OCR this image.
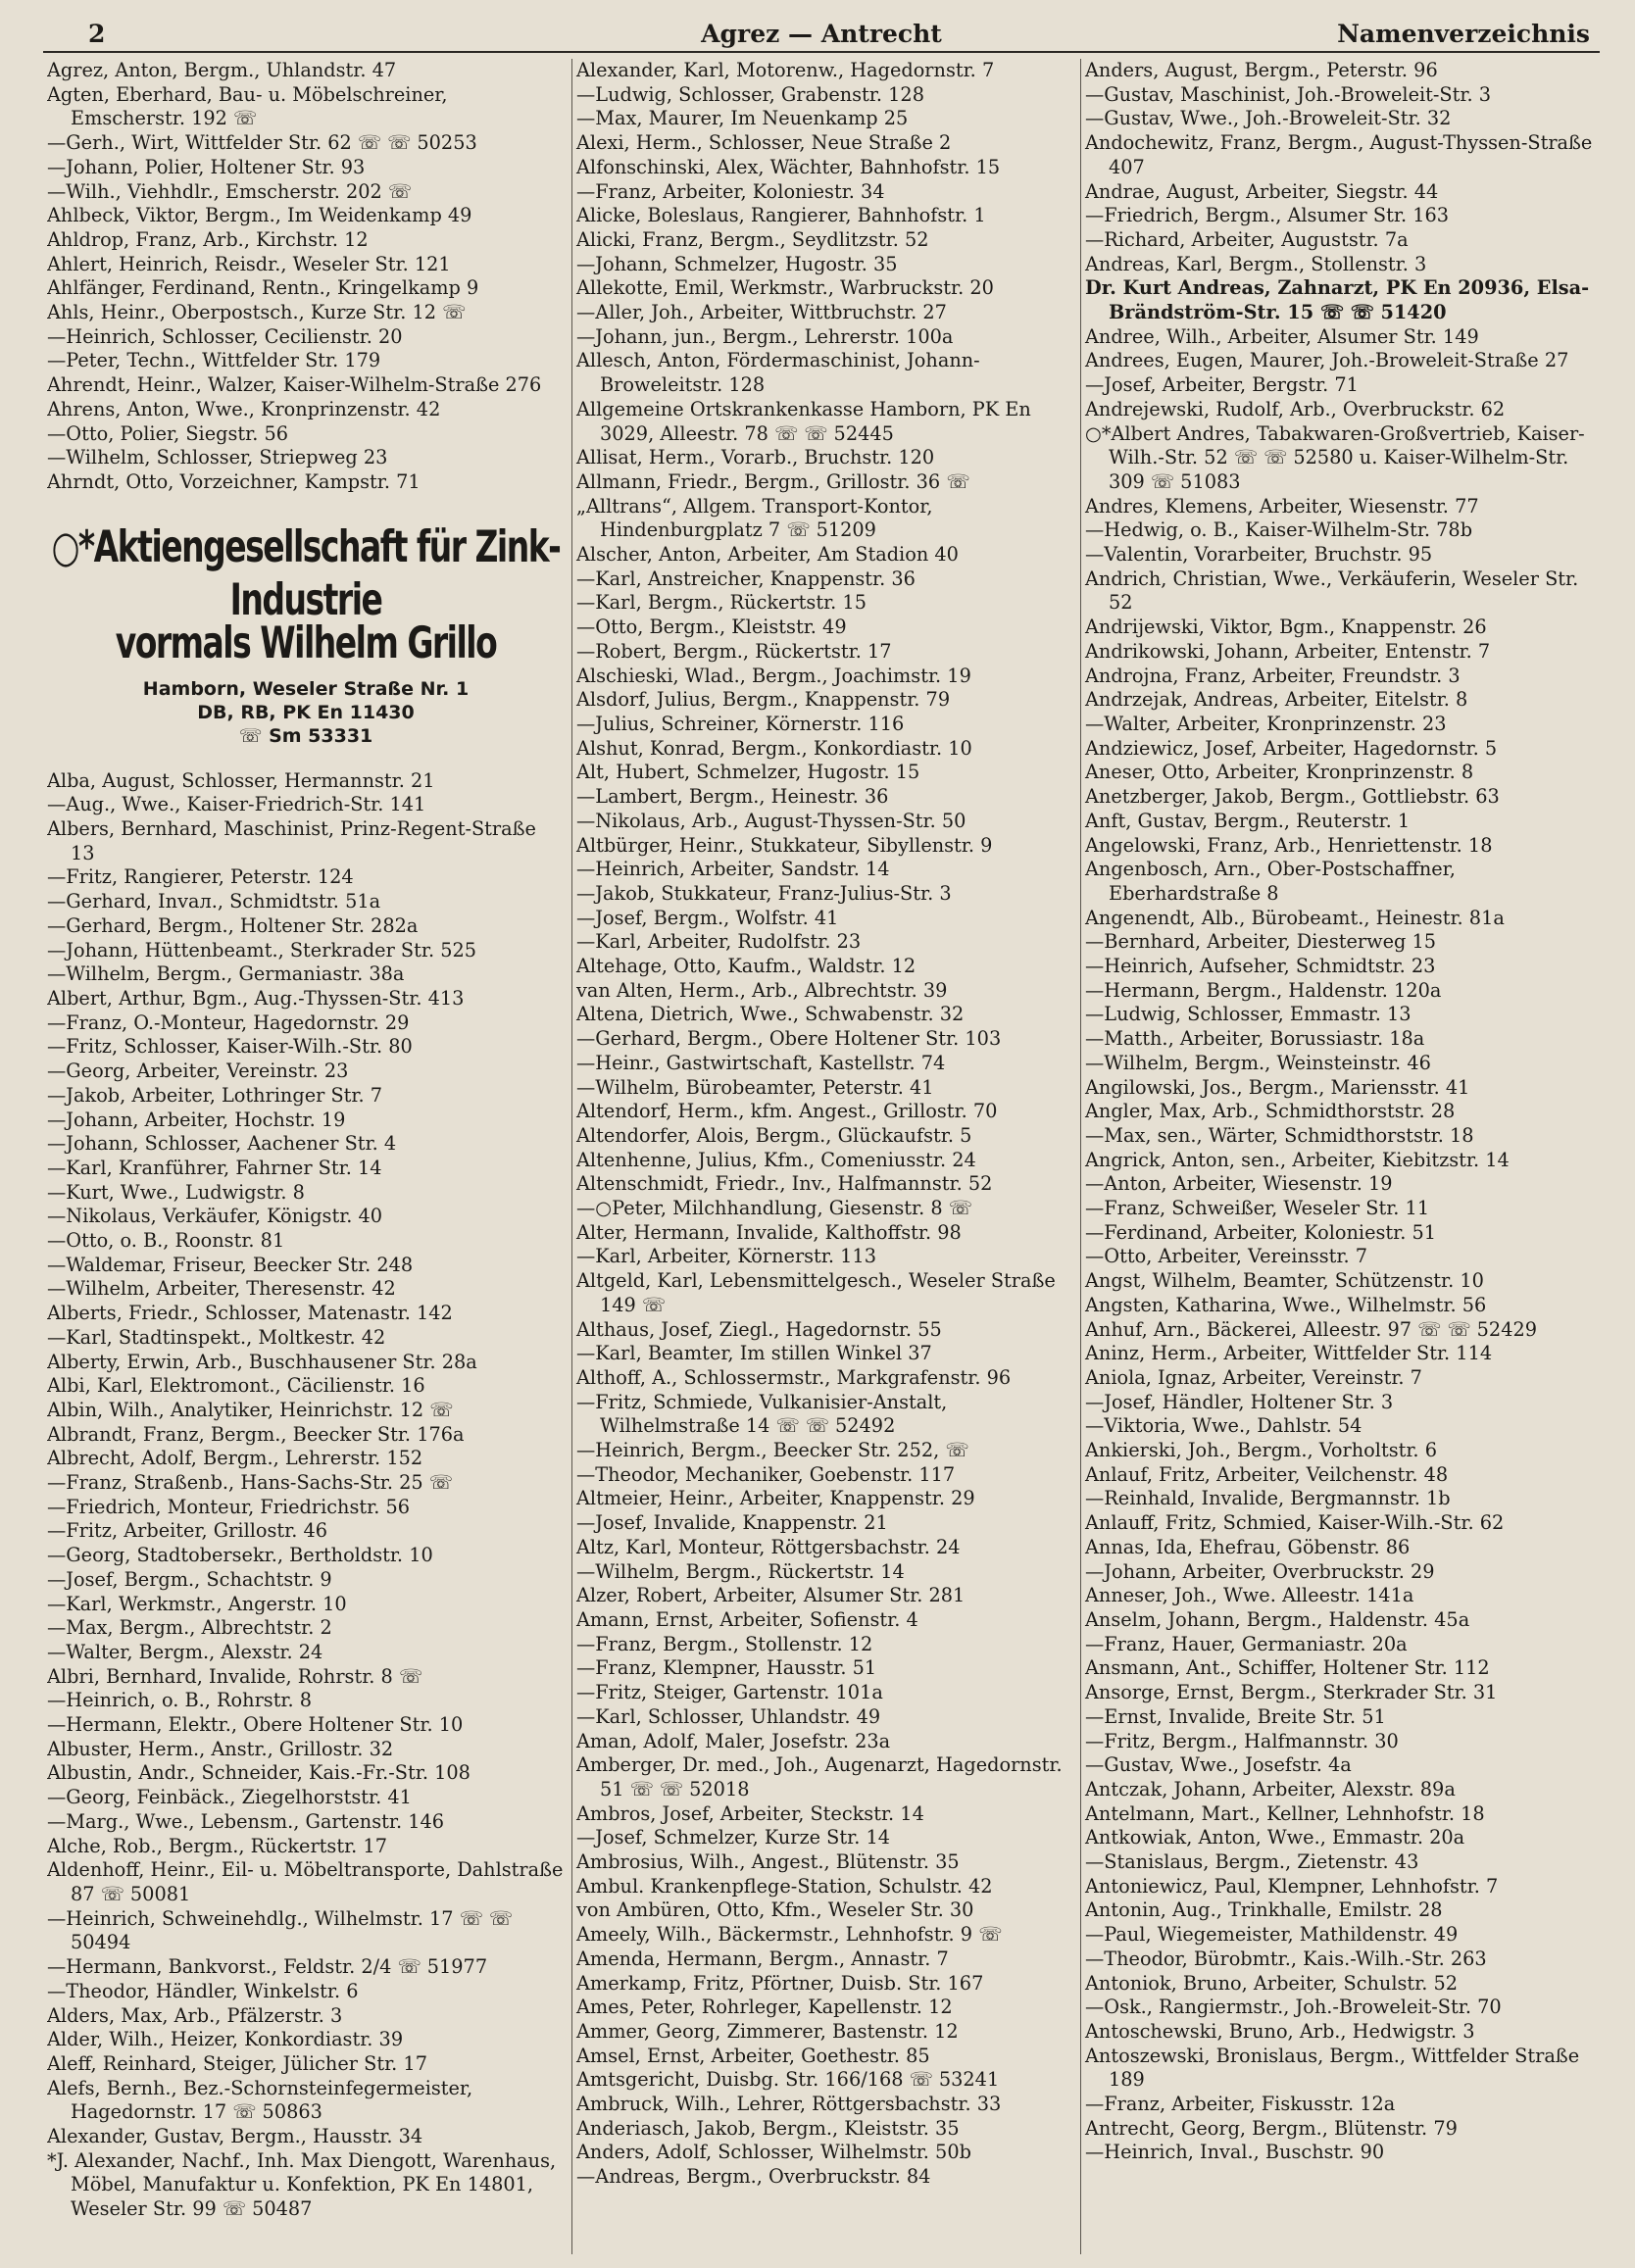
2	Agrez — Antrecht	Namenverzeichnis
Agrez, Anton, Bergm., Uhlandstr. 47
Agten, Eberhard, Bau- u. Möbelschreiner, Emscherstr. 192 ☏
—Gerh., Wirt, Wittfelder Str. 62 ☏ ☏ 50253
—Johann, Polier, Holtener Str. 93
—Wilh., Viehhdlr., Emscherstr. 202 ☏
Ahlbeck, Viktor, Bergm., Im Weidenkamp 49
Ahldrop, Franz, Arb., Kirchstr. 12
Ahlert, Heinrich, Reisdr., Weseler Str. 121
Ahlfänger, Ferdinand, Rentn., Kringelkamp 9
Ahls, Heinr., Oberpostsch., Kurze Str. 12 ☏
—Heinrich, Schlosser, Cecilienstr. 20
—Peter, Techn., Wittfelder Str. 179
Ahrendt, Heinr., Walzer, Kaiser-Wilhelm-Straße 276
Ahrens, Anton, Wwe., Kronprinzenstr. 42
—Otto, Polier, Siegstr. 56
—Wilhelm, Schlosser, Striepweg 23
Ahrndt, Otto, Vorzeichner, Kampstr. 71
○*Aktiengesellschaft für Zink-Industrie
vormals Wilhelm Grillo
Hamborn, Weseler Straße Nr. 1
DB, RB, PK En 11430
☏ Sm 53331
Alba, August, Schlosser, Hermannstr. 21
—Aug., Wwe., Kaiser-Friedrich-Str. 141
Albers, Bernhard, Maschinist, Prinz-Regent-Straße 13
—Fritz, Rangierer, Peterstr. 124
—Gerhard, Invaл., Schmidtstr. 51a
—Gerhard, Bergm., Holtener Str. 282a
—Johann, Hüttenbeamt., Sterkrader Str. 525
—Wilhelm, Bergm., Germaniastr. 38a
Albert, Arthur, Bgm., Aug.-Thyssen-Str. 413
—Franz, O.-Monteur, Hagedornstr. 29
—Fritz, Schlosser, Kaiser-Wilh.-Str. 80
—Georg, Arbeiter, Vereinstr. 23
—Jakob, Arbeiter, Lothringer Str. 7
—Johann, Arbeiter, Hochstr. 19
—Johann, Schlosser, Aachener Str. 4
—Karl, Kranführer, Fahrner Str. 14
—Kurt, Wwe., Ludwigstr. 8
—Nikolaus, Verkäufer, Königstr. 40
—Otto, o. B., Roonstr. 81
—Waldemar, Friseur, Beecker Str. 248
—Wilhelm, Arbeiter, Theresenstr. 42
Alberts, Friedr., Schlosser, Matenastr. 142
—Karl, Stadtinspekt., Moltkestr. 42
Alberty, Erwin, Arb., Buschhausener Str. 28a
Albi, Karl, Elektromont., Cäcilienstr. 16
Albin, Wilh., Analytiker, Heinrichstr. 12 ☏
Albrandt, Franz, Bergm., Beecker Str. 176a
Albrecht, Adolf, Bergm., Lehrerstr. 152
—Franz, Straßenb., Hans-Sachs-Str. 25 ☏
—Friedrich, Monteur, Friedrichstr. 56
—Fritz, Arbeiter, Grillostr. 46
—Georg, Stadtobersekr., Bertholdstr. 10
—Josef, Bergm., Schachtstr. 9
—Karl, Werkmstr., Angerstr. 10
—Max, Bergm., Albrechtstr. 2
—Walter, Bergm., Alexstr. 24
Albri, Bernhard, Invalide, Rohrstr. 8 ☏
—Heinrich, o. B., Rohrstr. 8
—Hermann, Elektr., Obere Holtener Str. 10
Albuster, Herm., Anstr., Grillostr. 32
Albustin, Andr., Schneider, Kais.-Fr.-Str. 108
—Georg, Feinbäck., Ziegelhorststr. 41
—Marg., Wwe., Lebensm., Gartenstr. 146
Alche, Rob., Bergm., Rückertstr. 17
Aldenhoff, Heinr., Eil- u. Möbeltransporte, Dahlstraße 87 ☏ 50081
—Heinrich, Schweinehdlg., Wilhelmstr. 17 ☏ ☏ 50494
—Hermann, Bankvorst., Feldstr. 2/4 ☏ 51977
—Theodor, Händler, Winkelstr. 6
Alders, Max, Arb., Pfälzerstr. 3
Alder, Wilh., Heizer, Konkordiastr. 39
Aleff, Reinhard, Steiger, Jülicher Str. 17
Alefs, Bernh., Bez.-Schornsteinfegermeister, Hagedornstr. 17 ☏ 50863
Alexander, Gustav, Bergm., Hausstr. 34
*J. Alexander, Nachf., Inh. Max Diengott, Warenhaus, Möbel, Manufaktur u. Konfektion, PK En 14801, Weseler Str. 99 ☏ 50487
Alexander, Karl, Motorenw., Hagedornstr. 7
—Ludwig, Schlosser, Grabenstr. 128
—Max, Maurer, Im Neuenkamp 25
Alexi, Herm., Schlosser, Neue Straße 2
Alfonschinski, Alex, Wächter, Bahnhofstr. 15
—Franz, Arbeiter, Koloniestr. 34
Alicke, Boleslaus, Rangierer, Bahnhofstr. 1
Alicki, Franz, Bergm., Seydlitzstr. 52
—Johann, Schmelzer, Hugostr. 35
Allekotte, Emil, Werkmstr., Warbruckstr. 20
—Aller, Joh., Arbeiter, Wittbruchstr. 27
—Johann, jun., Bergm., Lehrerstr. 100a
Allesch, Anton, Fördermaschinist, Johann-Broweleitstr. 128
Allgemeine Ortskrankenkasse Hamborn, PK En 3029, Alleestr. 78 ☏ ☏ 52445
Allisat, Herm., Vorarb., Bruchstr. 120
Allmann, Friedr., Bergm., Grillostr. 36 ☏
„Alltrans“, Allgem. Transport-Kontor, Hindenburgplatz 7 ☏ 51209
Alscher, Anton, Arbeiter, Am Stadion 40
—Karl, Anstreicher, Knappenstr. 36
—Karl, Bergm., Rückertstr. 15
—Otto, Bergm., Kleiststr. 49
—Robert, Bergm., Rückertstr. 17
Alschieski, Wlad., Bergm., Joachimstr. 19
Alsdorf, Julius, Bergm., Knappenstr. 79
—Julius, Schreiner, Körnerstr. 116
Alshut, Konrad, Bergm., Konkordiastr. 10
Alt, Hubert, Schmelzer, Hugostr. 15
—Lambert, Bergm., Heinestr. 36
—Nikolaus, Arb., August-Thyssen-Str. 50
Altbürger, Heinr., Stukkateur, Sibyllenstr. 9
—Heinrich, Arbeiter, Sandstr. 14
—Jakob, Stukkateur, Franz-Julius-Str. 3
—Josef, Bergm., Wolfstr. 41
—Karl, Arbeiter, Rudolfstr. 23
Altehage, Otto, Kaufm., Waldstr. 12
van Alten, Herm., Arb., Albrechtstr. 39
Altena, Dietrich, Wwe., Schwabenstr. 32
—Gerhard, Bergm., Obere Holtener Str. 103
—Heinr., Gastwirtschaft, Kastellstr. 74
—Wilhelm, Bürobeamter, Peterstr. 41
Altendorf, Herm., kfm. Angest., Grillostr. 70
Altendorfer, Alois, Bergm., Glückaufstr. 5
Altenhenne, Julius, Kfm., Comeniusstr. 24
Altenschmidt, Friedr., Inv., Halfmannstr. 52
—○Peter, Milchhandlung, Giesenstr. 8 ☏
Alter, Hermann, Invalide, Kalthoffstr. 98
—Karl, Arbeiter, Körnerstr. 113
Altgeld, Karl, Lebensmittelgesch., Weseler Straße 149 ☏
Althaus, Josef, Ziegl., Hagedornstr. 55
—Karl, Beamter, Im stillen Winkel 37
Althoff, A., Schlossermstr., Markgrafenstr. 96
—Fritz, Schmiede, Vulkanisier-Anstalt, Wilhelmstraße 14 ☏ ☏ 52492
—Heinrich, Bergm., Beecker Str. 252, ☏
—Theodor, Mechaniker, Goebenstr. 117
Altmeier, Heinr., Arbeiter, Knappenstr. 29
—Josef, Invalide, Knappenstr. 21
Altz, Karl, Monteur, Röttgersbachstr. 24
—Wilhelm, Bergm., Rückertstr. 14
Alzer, Robert, Arbeiter, Alsumer Str. 281
Amann, Ernst, Arbeiter, Sofienstr. 4
—Franz, Bergm., Stollenstr. 12
—Franz, Klempner, Hausstr. 51
—Fritz, Steiger, Gartenstr. 101a
—Karl, Schlosser, Uhlandstr. 49
Aman, Adolf, Maler, Josefstr. 23a
Amberger, Dr. med., Joh., Augenarzt, Hagedornstr. 51 ☏ ☏ 52018
Ambros, Josef, Arbeiter, Steckstr. 14
—Josef, Schmelzer, Kurze Str. 14
Ambrosius, Wilh., Angest., Blütenstr. 35
Ambul. Krankenpflege-Station, Schulstr. 42
von Ambüren, Otto, Kfm., Weseler Str. 30
Ameely, Wilh., Bäckermstr., Lehnhofstr. 9 ☏
Amenda, Hermann, Bergm., Annastr. 7
Amerkamp, Fritz, Pförtner, Duisb. Str. 167
Ames, Peter, Rohrleger, Kapellenstr. 12
Ammer, Georg, Zimmerer, Bastenstr. 12
Amsel, Ernst, Arbeiter, Goethestr. 85
Amtsgericht, Duisbg. Str. 166/168 ☏ 53241
Ambruck, Wilh., Lehrer, Röttgersbachstr. 33
Anderiasch, Jakob, Bergm., Kleiststr. 35
Anders, Adolf, Schlosser, Wilhelmstr. 50b
—Andreas, Bergm., Overbruckstr. 84
Anders, August, Bergm., Peterstr. 96
—Gustav, Maschinist, Joh.-Broweleit-Str. 3
—Gustav, Wwe., Joh.-Broweleit-Str. 32
Andochewitz, Franz, Bergm., August-Thyssen-Straße 407
Andrae, August, Arbeiter, Siegstr. 44
—Friedrich, Bergm., Alsumer Str. 163
—Richard, Arbeiter, Auguststr. 7a
Andreas, Karl, Bergm., Stollenstr. 3
Dr. Kurt Andreas, Zahnarzt, PK En 20936, Elsa-Brändström-Str. 15 ☏ ☏ 51420
Andree, Wilh., Arbeiter, Alsumer Str. 149
Andrees, Eugen, Maurer, Joh.-Broweleit-Straße 27
—Josef, Arbeiter, Bergstr. 71
Andrejewski, Rudolf, Arb., Overbruckstr. 62
○*Albert Andres, Tabakwaren-Großvertrieb, Kaiser-Wilh.-Str. 52 ☏ ☏ 52580 u. Kaiser-Wilhelm-Str. 309 ☏ 51083
Andres, Klemens, Arbeiter, Wiesenstr. 77
—Hedwig, o. B., Kaiser-Wilhelm-Str. 78b
—Valentin, Vorarbeiter, Bruchstr. 95
Andrich, Christian, Wwe., Verkäuferin, Weseler Str. 52
Andrijewski, Viktor, Bgm., Knappenstr. 26
Andrikowski, Johann, Arbeiter, Entenstr. 7
Androjna, Franz, Arbeiter, Freundstr. 3
Andrzejak, Andreas, Arbeiter, Eitelstr. 8
—Walter, Arbeiter, Kronprinzenstr. 23
Andziewicz, Josef, Arbeiter, Hagedornstr. 5
Aneser, Otto, Arbeiter, Kronprinzenstr. 8
Anetzberger, Jakob, Bergm., Gottliebstr. 63
Anft, Gustav, Bergm., Reuterstr. 1
Angelowski, Franz, Arb., Henriettenstr. 18
Angenbosch, Arn., Ober-Postschaffner, Eberhardstraße 8
Angenendt, Alb., Bürobeamt., Heinestr. 81a
—Bernhard, Arbeiter, Diesterweg 15
—Heinrich, Aufseher, Schmidtstr. 23
—Hermann, Bergm., Haldenstr. 120a
—Ludwig, Schlosser, Emmastr. 13
—Matth., Arbeiter, Borussiastr. 18a
—Wilhelm, Bergm., Weinsteinstr. 46
Angilowski, Jos., Bergm., Mariensstr. 41
Angler, Max, Arb., Schmidthorststr. 28
—Max, sen., Wärter, Schmidthorststr. 18
Angrick, Anton, sen., Arbeiter, Kiebitzstr. 14
—Anton, Arbeiter, Wiesenstr. 19
—Franz, Schweißer, Weseler Str. 11
—Ferdinand, Arbeiter, Koloniestr. 51
—Otto, Arbeiter, Vereinsstr. 7
Angst, Wilhelm, Beamter, Schützenstr. 10
Angsten, Katharina, Wwe., Wilhelmstr. 56
Anhuf, Arn., Bäckerei, Alleestr. 97 ☏ ☏ 52429
Aninz, Herm., Arbeiter, Wittfelder Str. 114
Aniola, Ignaz, Arbeiter, Vereinstr. 7
—Josef, Händler, Holtener Str. 3
—Viktoria, Wwe., Dahlstr. 54
Ankierski, Joh., Bergm., Vorholtstr. 6
Anlauf, Fritz, Arbeiter, Veilchenstr. 48
—Reinhald, Invalide, Bergmannstr. 1b
Anlauff, Fritz, Schmied, Kaiser-Wilh.-Str. 62
Annas, Ida, Ehefrau, Göbenstr. 86
—Johann, Arbeiter, Overbruckstr. 29
Anneser, Joh., Wwe. Alleestr. 141a
Anselm, Johann, Bergm., Haldenstr. 45a
—Franz, Hauer, Germaniastr. 20a
Ansmann, Ant., Schiffer, Holtener Str. 112
Ansorge, Ernst, Bergm., Sterkrader Str. 31
—Ernst, Invalide, Breite Str. 51
—Fritz, Bergm., Halfmannstr. 30
—Gustav, Wwe., Josefstr. 4a
Antczak, Johann, Arbeiter, Alexstr. 89a
Antelmann, Mart., Kellner, Lehnhofstr. 18
Antkowiak, Anton, Wwe., Emmastr. 20a
—Stanislaus, Bergm., Zietenstr. 43
Antoniewicz, Paul, Klempner, Lehnhofstr. 7
Antonin, Aug., Trinkhalle, Emilstr. 28
—Paul, Wiegemeister, Mathildenstr. 49
—Theodor, Bürobmtr., Kais.-Wilh.-Str. 263
Antoniok, Bruno, Arbeiter, Schulstr. 52
—Osk., Rangiermstr., Joh.-Broweleit-Str. 70
Antoschewski, Bruno, Arb., Hedwigstr. 3
Antoszewski, Bronislaus, Bergm., Wittfelder Straße 189
—Franz, Arbeiter, Fiskusstr. 12a
Antrecht, Georg, Bergm., Blütenstr. 79
—Heinrich, Inval., Buschstr. 90
